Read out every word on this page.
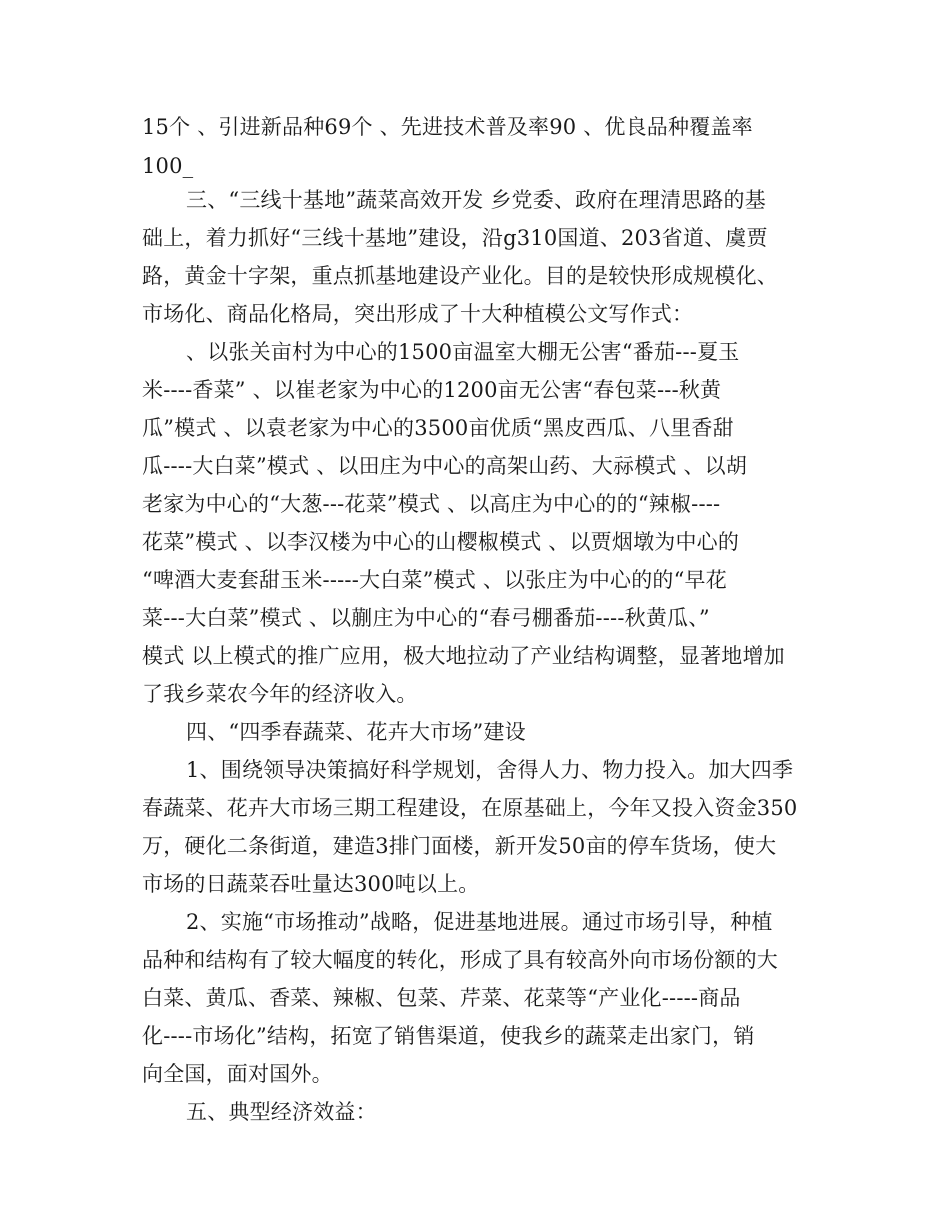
15个 、引进新品种69个 、先进技术普及率90 、优良品种覆盖率
100_
三、“三线十基地”蔬菜高效开发 乡党委、政府在理清思路的基
础上，着力抓好“三线十基地”建设，沿g310国道、203省道、虞贾
路，黄金十字架，重点抓基地建设产业化。目的是较快形成规模化、
市场化、商品化格局，突出形成了十大种植模公文写作式：
、以张关亩村为中心的1500亩温室大棚无公害“番茄---夏玉
米----香菜” 、以崔老家为中心的1200亩无公害“春包菜---秋黄
瓜”模式 、以袁老家为中心的3500亩优质“黑皮西瓜、八里香甜
瓜----大白菜”模式 、以田庄为中心的高架山药、大祘模式 、以胡
老家为中心的“大葱---花菜”模式 、以高庄为中心的的“辣椒----
花菜”模式 、以李汉楼为中心的山樱椒模式 、以贾烟墩为中心的
“啤酒大麦套甜玉米-----大白菜”模式 、以张庄为中心的的“早花
菜---大白菜”模式 、以蒯庄为中心的“春弓棚番茄----秋黄瓜、”
模式 以上模式的推广应用，极大地拉动了产业结构调整，显著地增加
了我乡菜农今年的经济收入。
四、“四季春蔬菜、花卉大市场”建设
1、围绕领导决策搞好科学规划，舍得人力、物力投入。加大四季
春蔬菜、花卉大市场三期工程建设，在原基础上，今年又投入资金350
万，硬化二条街道，建造3排门面楼，新开发50亩的停车货场，使大
市场的日蔬菜吞吐量达300吨以上。
2、实施“市场推动”战略，促进基地进展。通过市场引导，种植
品种和结构有了较大幅度的转化，形成了具有较高外向市场份额的大
白菜、黄瓜、香菜、辣椒、包菜、芹菜、花菜等“产业化-----商品
化----市场化”结构，拓宽了销售渠道，使我乡的蔬菜走出家门，销
向全国，面对国外。
五、典型经济效益：
